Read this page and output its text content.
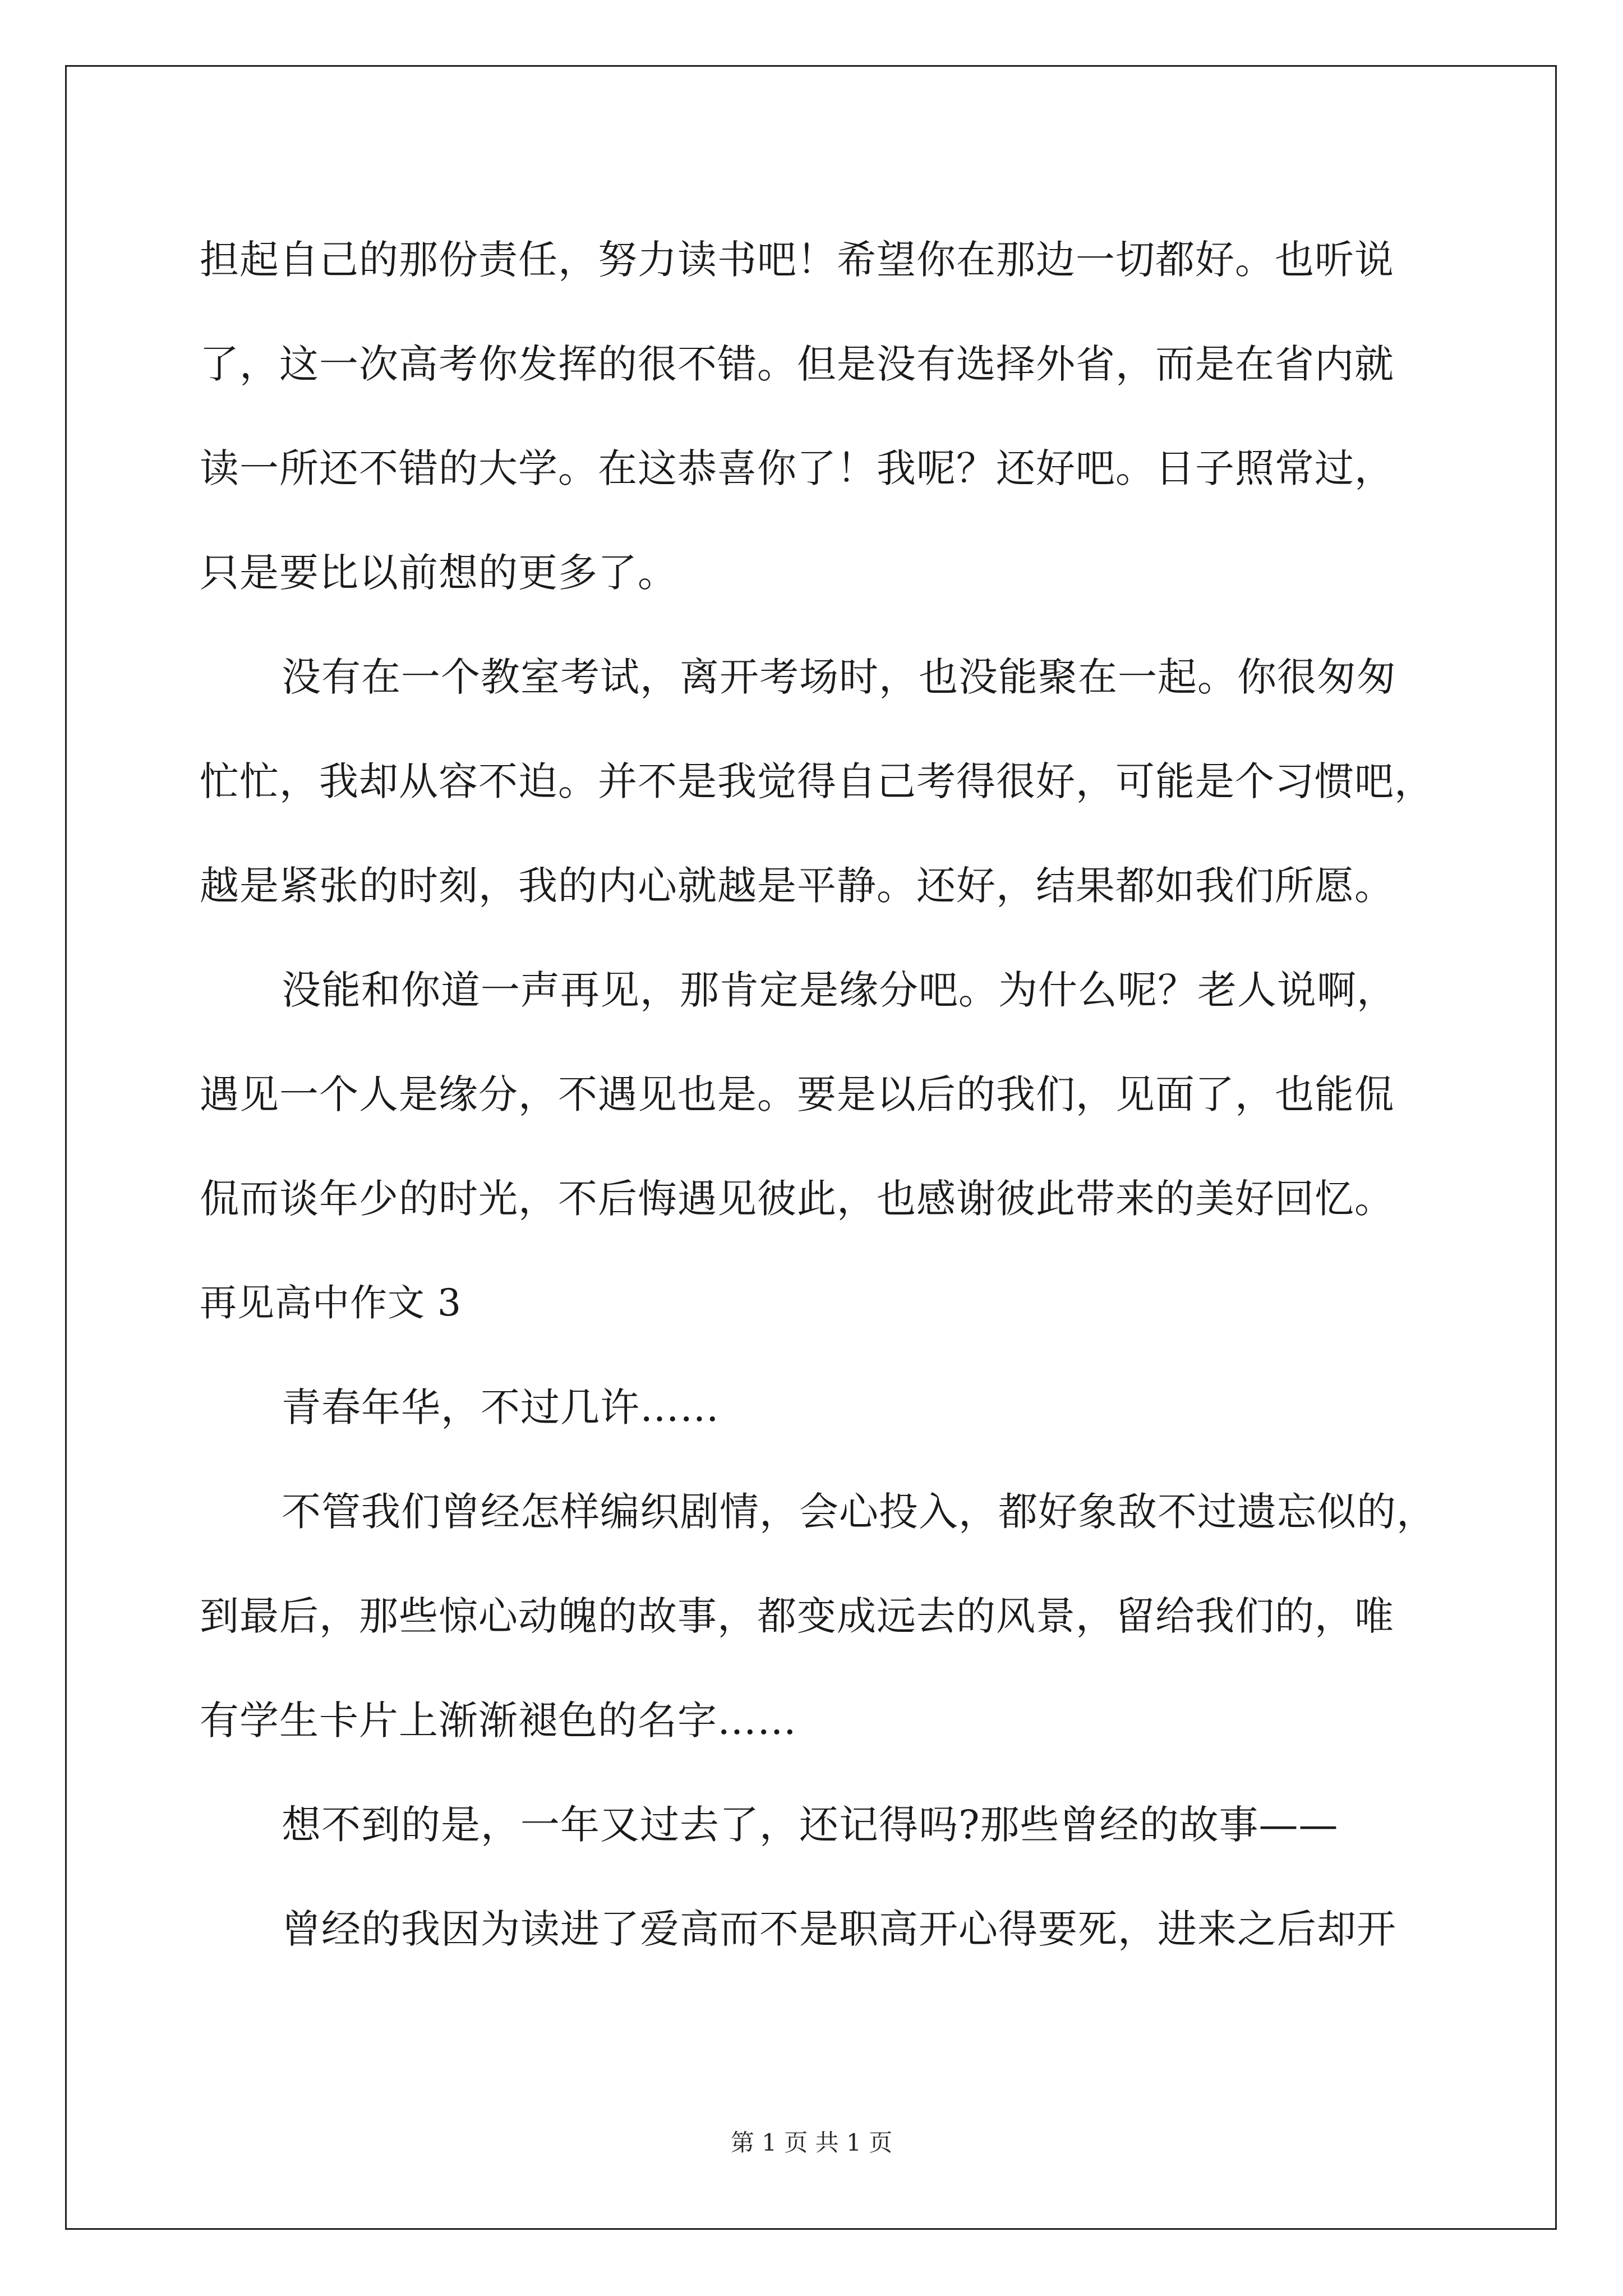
担起自己的那份责任，努力读书吧！希望你在那边一切都好。也听说
了，这一次高考你发挥的很不错。但是没有选择外省，而是在省内就
读一所还不错的大学。在这恭喜你了！我呢？还好吧。日子照常过，
只是要比以前想的更多了。
没有在一个教室考试，离开考场时，也没能聚在一起。你很匆匆
忙忙，我却从容不迫。并不是我觉得自己考得很好，可能是个习惯吧，
越是紧张的时刻，我的内心就越是平静。还好，结果都如我们所愿。
没能和你道一声再见，那肯定是缘分吧。为什么呢？老人说啊，
遇见一个人是缘分，不遇见也是。要是以后的我们，见面了，也能侃
侃而谈年少的时光，不后悔遇见彼此，也感谢彼此带来的美好回忆。
再见高中作文 3
青春年华，不过几许……
不管我们曾经怎样编织剧情，会心投入，都好象敌不过遗忘似的，
到最后，那些惊心动魄的故事，都变成远去的风景，留给我们的，唯
有学生卡片上渐渐褪色的名字……
想不到的是，一年又过去了，还记得吗?那些曾经的故事——
曾经的我因为读进了爱高而不是职高开心得要死，进来之后却开
第 1 页 共 1 页
